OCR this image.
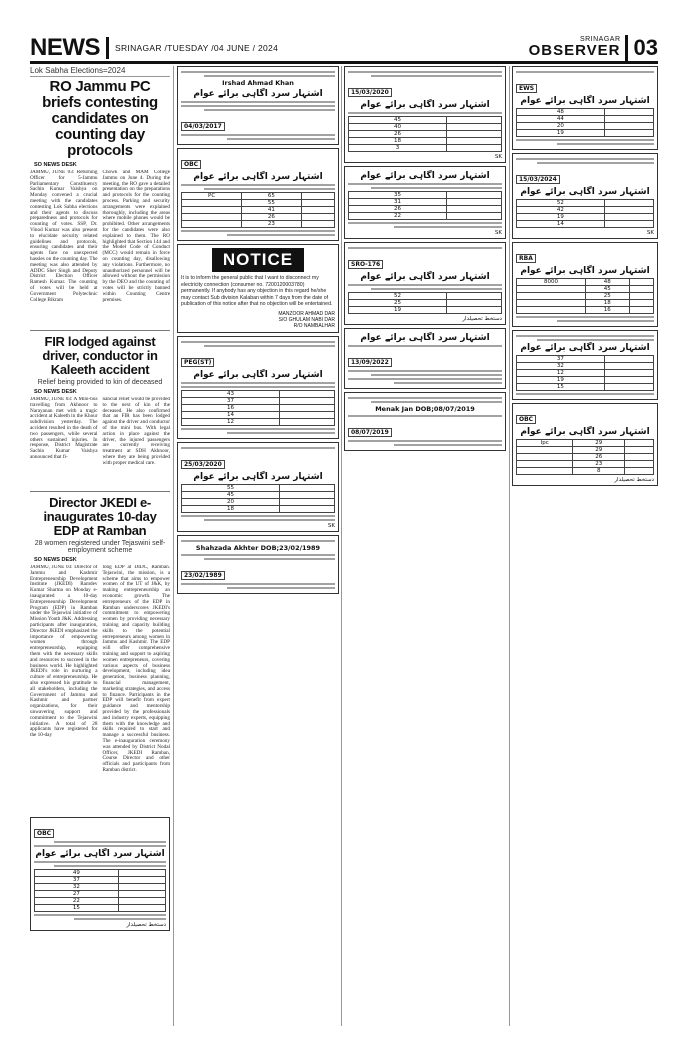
NEWS SRINAGAR /TUESDAY /04 JUNE / 2024
SRINAGAR
OBSERVER 03
Lok Sabha Elections=2024
RO Jammu PC briefs contesting candidates on counting day protocols
SO NEWS DESK
JAMMU, JUNE 03: Returning Officer for 5-Jammu Parliamentary Constituency Sachin Kumar Vaishya on Monday convened a crucial meeting with the candidates contesting Lok Sabha elections and their agents to discuss preparedness and protocols for counting of votes. SSP, Dr. Vinod Kumar was also present to elucidate security related guidelines and protocols, ensuring candidates and their agents face no unexpected hassles on the counting day. The meeting was also attended by ADDC Sher Singh and Deputy District Election Officer Ramesh Kumar. The counting of votes will be held at Government Polytechnic College Bikram
Chowk and MAM College Jammu on June 4. During the meeting, the RO gave a detailed presentation on the preparations and protocols for the counting process. Parking and security arrangements were explained thoroughly, including the areas where mobile phones would be prohibited. Other arrangements for the candidates were also explained to them. The RO highlighted that Section 144 and the Model Code of Conduct (MCC) would remain in force on counting day, disallowing any violations. Furthermore, no unauthorized personnel will be allowed without the permission by the DEO and the counting of votes will be strictly banned within Counting Centre premises.
FIR lodged against driver, conductor in Kaleeth accident
Relief being provided to kin of deceased
SO NEWS DESK
JAMMU, JUNE 03: A Mini-bus travelling from Akhnoor to Narayanan met with a tragic accident at Kaleeth in the Khour subdivision yesterday. The accident resulted in the death of two passengers, while several others sustained injuries. In response, District Magistrate Sachin Kumar Vaishya announced that fi-
nancial relief would be provided to the next of kin of the deceased. He also confirmed that an FIR has been lodged against the driver and conductor of the mini bus. With legal action in place against the driver, the injured passengers are currently receiving treatment at SDH Akhnoor, where they are being provided with proper medical care.
Director JKEDI e-inaugurates 10-day EDP at Ramban
28 women registered under Tejaswini self-employment scheme
SO NEWS DESK
JAMMU, JUNE 03: Director of Jammu and Kashmir Entrepreneurship Development Institute (JKEDI) Ramdev Kumar Sharma on Monday e-inaugurated a 10-day Entrepreneurship Development Program (EDP) in Ramban under the Tejaswini initiative of Mission Youth J&K. Addressing participants after inauguration, Director JKEDI emphasized the importance of empowering women through entrepreneurship, equipping them with the necessary skills and resources to succeed in the business world. He highlighted JKEDI's role in nurturing a culture of entrepreneurship. He also expressed his gratitude to all stakeholders, including the Government of Jammu and Kashmir and partner organizations, for their unwavering support and commitment to the Tejaswini initiative. A total of 28 applicants have registered for the 10-day
long EDP at DIDC, Ramban. Tejaswini, the mission, is a scheme that aims to empower women of the UT of J&K, by making entrepreneurship an economic growth. The entrepreneurs of the EDP in Ramban underscores JKEDI's commitment to empowering women by providing necessary training and capacity building skills to the potential entrepreneurs among women in Jammu and Kashmir. The EDP will offer comprehensive training and support to aspiring women entrepreneurs, covering various aspects of business development, including idea generation, business planning, financial management, marketing strategies, and access to finance. Participants in the EDP will benefit from expert guidance and mentorship provided by the professionals and industry experts, equipping them with the knowledge and skills required to start and manage a successful business. The e-inauguration ceremony was attended by District Nodal Officer, JKEDI Ramban, Course Director and other officials and participants from Ramban district.
OBC
اشتہار سرد اگاہی برائے عوام
49	
37	
32	
27	
22	
15	
دستخط تحصیلدار
Irshad Ahmad Khan
اشتہار سرد اگاہی برائے عوام
04/03/2017
OBC
اشتہار سرد اگاہی برائے عوام
PC	65	
	55	
	41	
	26	
	23	
NOTICE
It is to inform the general public that I want to disconnect my electricity connection (consumer no. 7200120003780) permanently. If anybody has any objection in this regard he/she may contact Sub division Kalaban within 7 days from the date of publication of this notice after that no objection will be entertained.
MANZOOR AHMAD DAR
S/O GHULAM NABI DAR
R/O NAMBALHAR
PEG(ST)
اشتہار سرد اگاہی برائے عوام
43	
37	
16	
14	
12	
25/03/2020
اشتہار سرد اگاہی برائے عوام
55	
45	
20	
18	
SK
Shahzada Akhter DOB;23/02/1989
23/02/1989
15/03/2020
اشتہار سرد اگاہی برائے عوام
45	
40	
26	
18	
3	
SK
اشتہار سرد اگاہی برائے عوام
35	
31	
26	
22	
SK
SRO-176
اشتہار سرد اگاہی برائے عوام
52	
25	
19	
دستخط تحصیلدار
اشتہار سرد اگاہی برائے عوام
13/09/2022
Menak Jan DOB;08/07/2019
08/07/2019
EWS
اشتہار سرد اگاہی برائے عوام
48	
44	
20	
19	
15/03/2024
اشتہار سرد اگاہی برائے عوام
52	
42	
19	
14	
SK
RBA
اشتہار سرد اگاہی برائے عوام
8000	48	
	45	
	25	
	18	
	16	
اشتہار سرد اگاہی برائے عوام
37	
32	
12	
19	
15	
OBC
اشتہار سرد اگاہی برائے عوام
Ipc	29	
	29	
	26	
	23	
	8	
دستخط تحصیلدار
